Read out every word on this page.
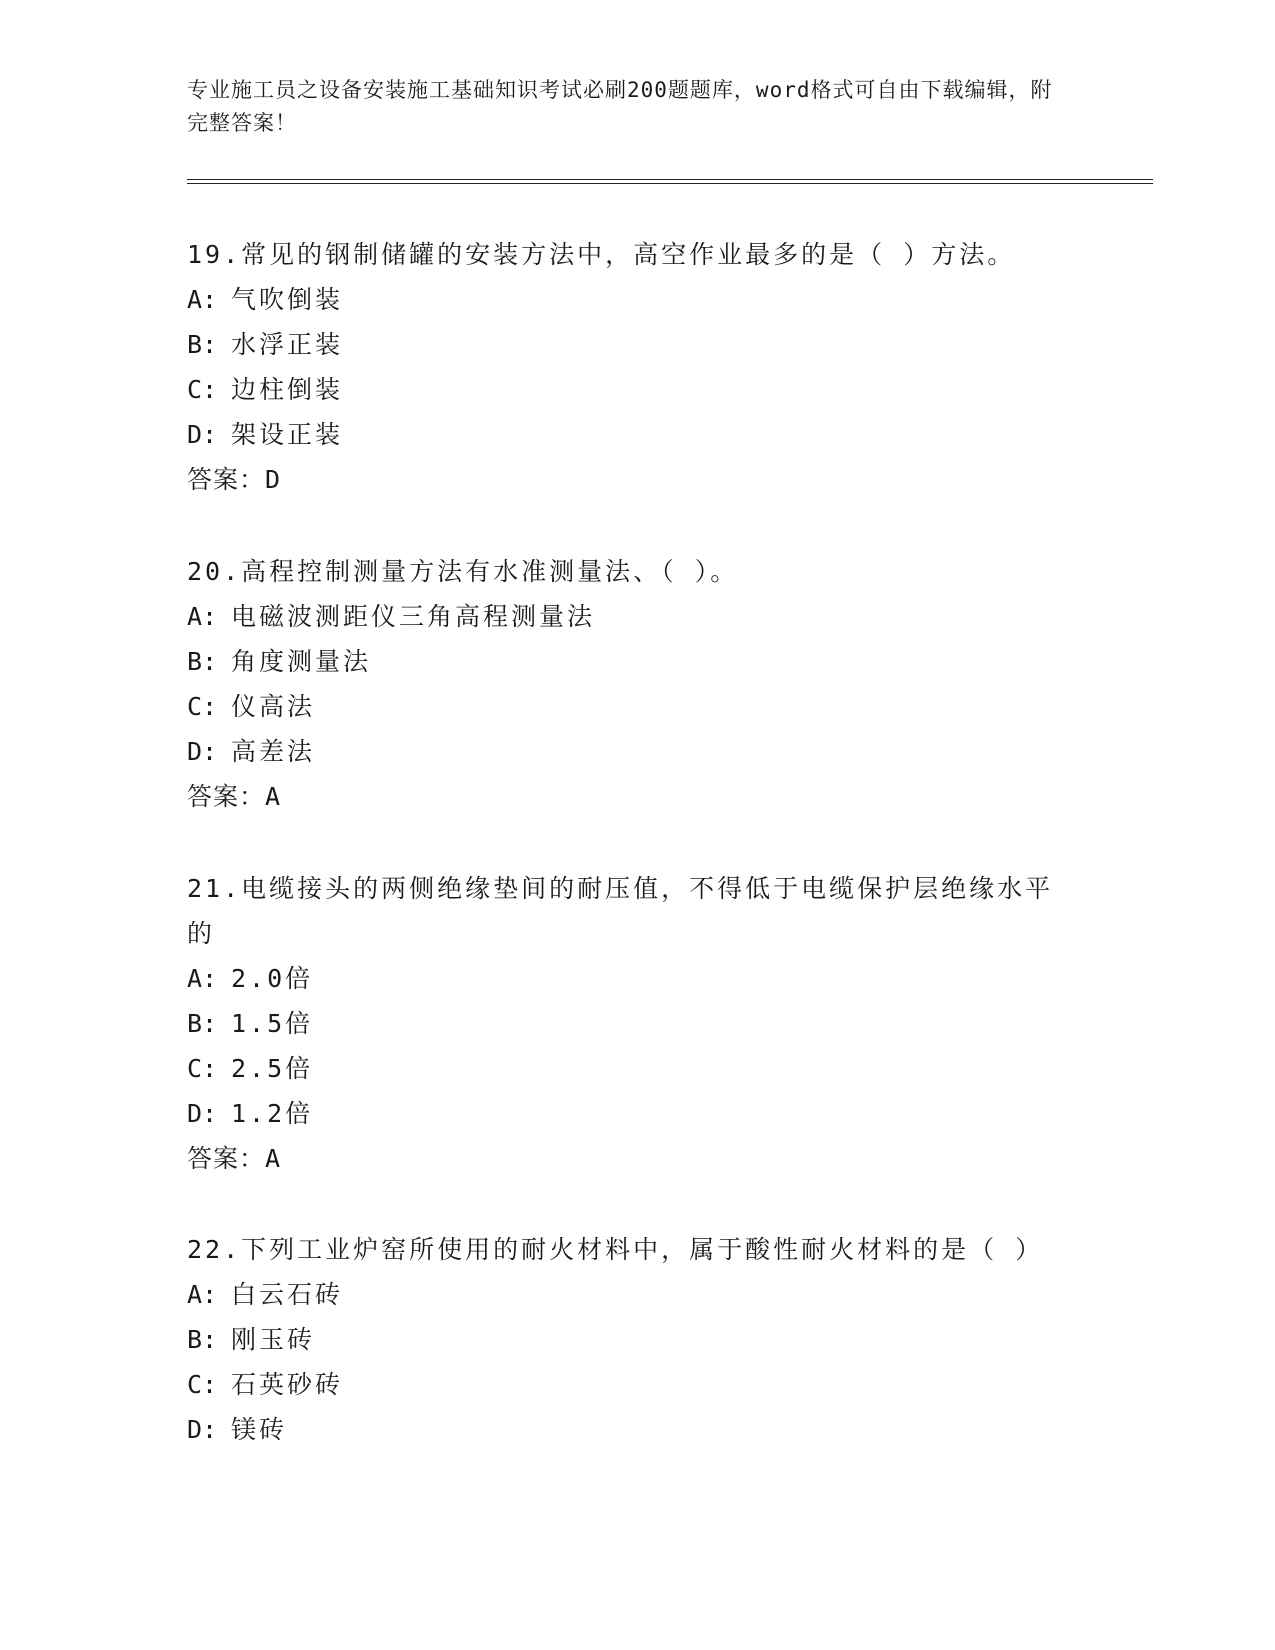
专业施工员之设备安装施工基础知识考试必刷200题题库，word格式可自由下载编辑，附完整答案！

19.常见的钢制储罐的安装方法中，高空作业最多的是（ ）方法。

A: 气吹倒装

B: 水浮正装

C: 边柱倒装

D: 架设正装

答案：D

20.高程控制测量方法有水准测量法、（ ）。

A: 电磁波测距仪三角高程测量法

B: 角度测量法

C: 仪高法

D: 高差法

答案：A

21.电缆接头的两侧绝缘垫间的耐压值，不得低于电缆保护层绝缘水平的

A: 2.0倍

B: 1.5倍

C: 2.5倍

D: 1.2倍

答案：A

22.下列工业炉窑所使用的耐火材料中，属于酸性耐火材料的是（ ）

A: 白云石砖

B: 刚玉砖

C: 石英砂砖

D: 镁砖
